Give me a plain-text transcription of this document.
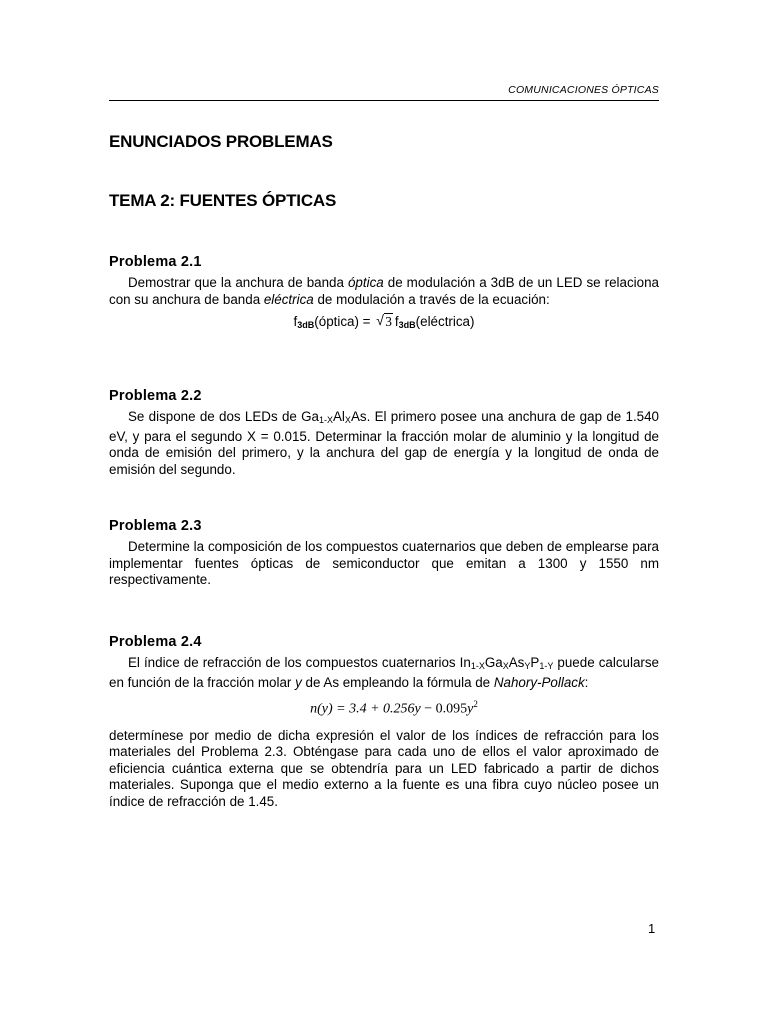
COMUNICACIONES ÓPTICAS
ENUNCIADOS PROBLEMAS
TEMA 2: FUENTES ÓPTICAS
Problema 2.1

Demostrar que la anchura de banda óptica de modulación a 3dB de un LED se relaciona con su anchura de banda eléctrica de modulación a través de la ecuación:

$f_{3dB}(óptica)$ = √ 3 $f_{3dB}(eléctrica)$
Problema 2.2

Se dispone de dos LEDs de $Ga_{1-X}Al_XAs$. El primero posee una anchura de gap de 1.540 eV, y para el segundo X = 0.015. Determinar la fracción molar de aluminio y la longitud de onda de emisión del primero, y la anchura del gap de energía y la longitud de onda de emisión del segundo.

Problema 2.3

Determine la composición de los compuestos cuaternarios que deben de emplearse para implementar fuentes ópticas de semiconductor que emitan a 1300 y 1550 nm respectivamente.

Problema 2.4

El índice de refracción de los compuestos cuaternarios $In_{1-X}Ga_XAs_YP_{1-Y}$ puede calcularse en función de la fracción molar y de As empleando la fórmula de Nahory-Pollack:

$n(y) = 3.4 + 0.256y - 0.095y^2$

determínese por medio de dicha expresión el valor de los índices de refracción para los materiales del Problema 2.3. Obténgase para cada uno de ellos el valor aproximado de eficiencia cuántica externa que se obtendría para un LED fabricado a partir de dichos materiales. Suponga que el medio externo a la fuente es una fibra cuyo núcleo posee un índice de refracción de 1.45.

1
